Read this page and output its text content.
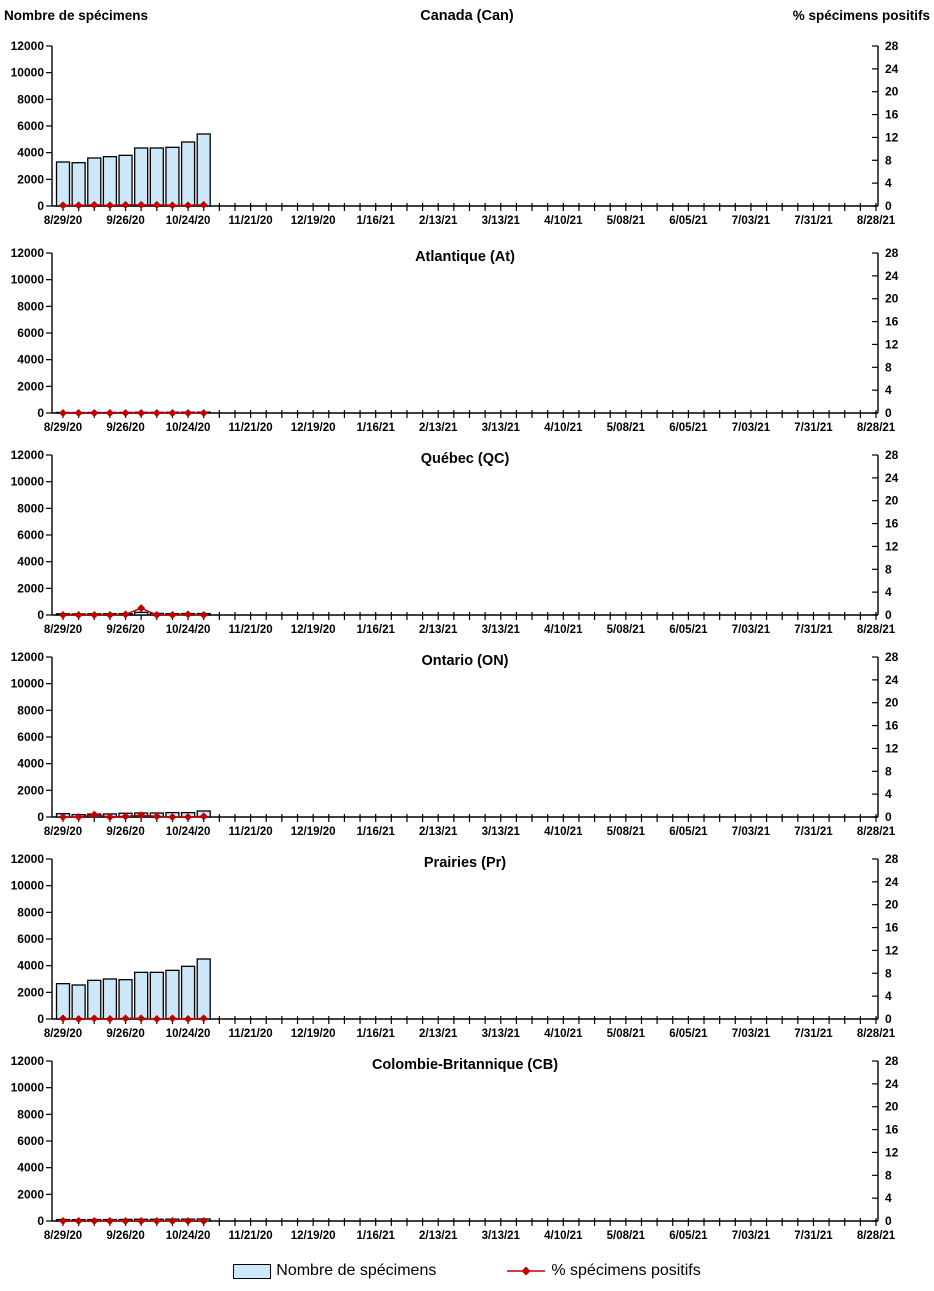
Nombre de spécimens	Canada (Can)	% spécimens positifs
0
2000
4000
6000
8000
10000
12000
0
4
8
12
16
20
24
28
8/29/20 9/26/20 10/24/20 11/21/20 12/19/20 1/16/21 2/13/21 3/13/21 4/10/21 5/08/21 6/05/21 7/03/21 7/31/21 8/28/21
0
2000
4000
6000
8000
10000
12000
0
4
8
12
16
20
24
28
8/29/20 9/26/20 10/24/20 11/21/20 12/19/20 1/16/21 2/13/21 3/13/21 4/10/21 5/08/21 6/05/21 7/03/21 7/31/21 8/28/21
Atlantique (At)
0
2000
4000
6000
8000
10000
12000
0
4
8
12
16
20
24
28
8/29/20 9/26/20 10/24/20 11/21/20 12/19/20 1/16/21 2/13/21 3/13/21 4/10/21 5/08/21 6/05/21 7/03/21 7/31/21 8/28/21
Québec (QC)
0
2000
4000
6000
8000
10000
12000
0
4
8
12
16
20
24
28
8/29/20 9/26/20 10/24/20 11/21/20 12/19/20 1/16/21 2/13/21 3/13/21 4/10/21 5/08/21 6/05/21 7/03/21 7/31/21 8/28/21
Ontario (ON)
0
2000
4000
6000
8000
10000
12000
0
4
8
12
16
20
24
28
8/29/20 9/26/20 10/24/20 11/21/20 12/19/20 1/16/21 2/13/21 3/13/21 4/10/21 5/08/21 6/05/21 7/03/21 7/31/21 8/28/21
Prairies (Pr)
0
2000
4000
6000
8000
10000
12000
0
4
8
12
16
20
24
28
8/29/20 9/26/20 10/24/20 11/21/20 12/19/20 1/16/21 2/13/21 3/13/21 4/10/21 5/08/21 6/05/21 7/03/21 7/31/21 8/28/21
Colombie-Britannique (CB)
Nombre de spécimens	% spécimens positifs
